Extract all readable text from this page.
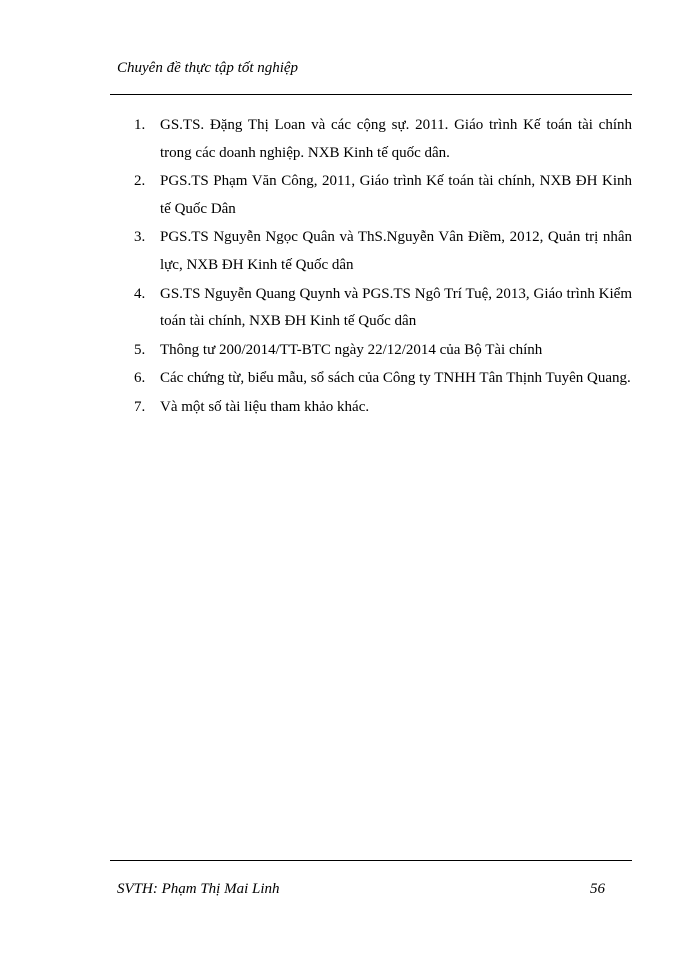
Chuyên đề thực tập tốt nghiệp
1. GS.TS. Đặng Thị Loan và các cộng sự. 2011. Giáo trình Kế toán tài chính trong các doanh nghiệp. NXB Kinh tế quốc dân.
2. PGS.TS Phạm Văn Công, 2011, Giáo trình Kế toán tài chính, NXB ĐH Kinh tế Quốc Dân
3. PGS.TS Nguyễn Ngọc Quân và ThS.Nguyễn Vân Điềm, 2012, Quản trị nhân lực, NXB ĐH Kinh tế Quốc dân
4. GS.TS Nguyễn Quang Quynh và PGS.TS Ngô Trí Tuệ, 2013, Giáo trình Kiểm toán tài chính, NXB ĐH Kinh tế Quốc dân
5. Thông tư 200/2014/TT-BTC ngày 22/12/2014 của Bộ Tài chính
6. Các chứng từ, biểu mẫu, sổ sách của Công ty TNHH Tân Thịnh Tuyên Quang.
7. Và một số tài liệu tham khảo khác.
SVTH: Phạm Thị Mai Linh	56
